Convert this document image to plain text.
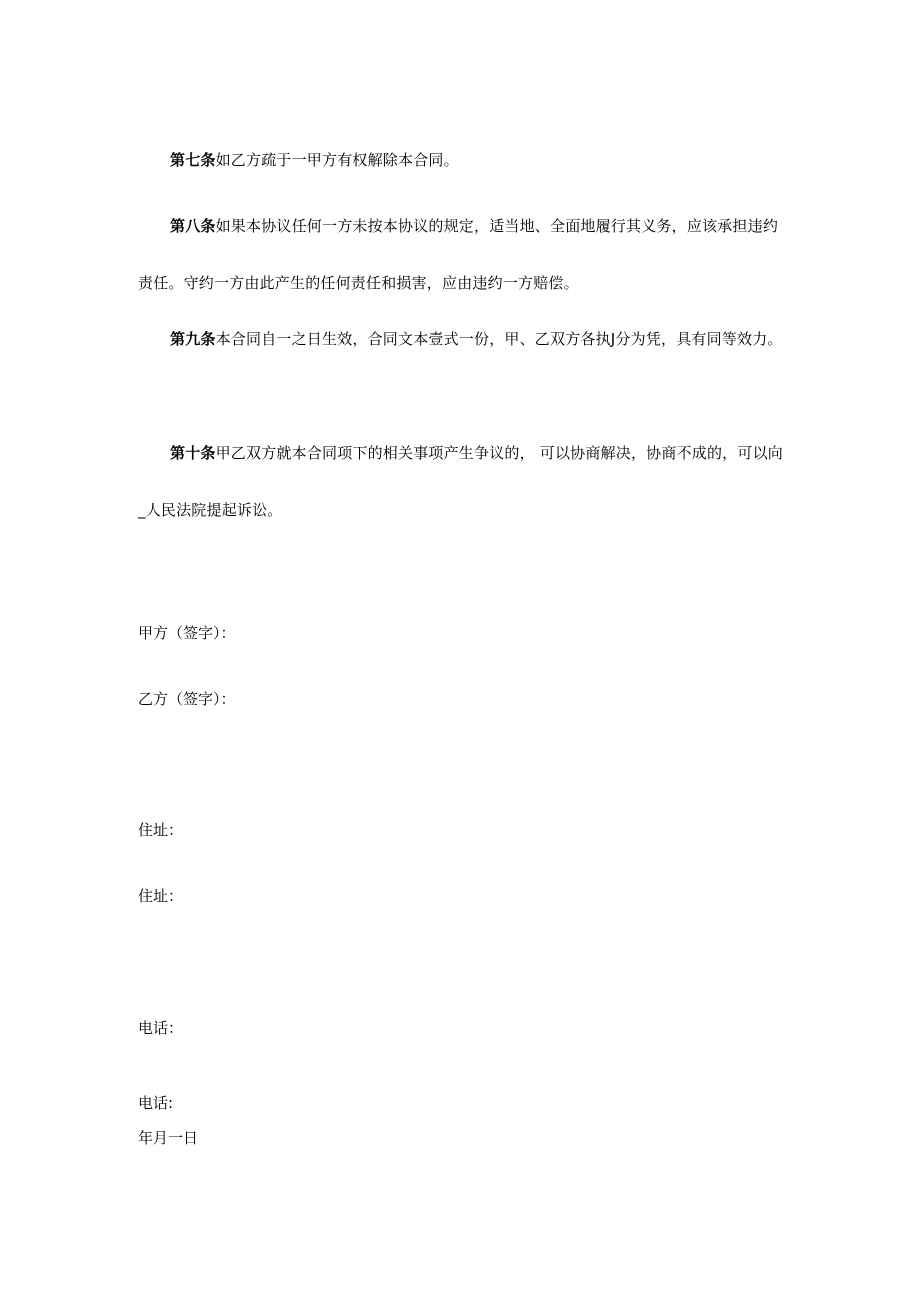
第七条如乙方疏于一甲方有权解除本合同。

第八条如果本协议任何一方未按本协议的规定，适当地、全面地履行其义务，应该承担违约责任。守约一方由此产生的任何责任和损害，应由违约一方赔偿。

第九条本合同自一之日生效，合同文本壹式一份，甲、乙双方各执J分为凭，具有同等效力。

第十条甲乙双方就本合同项下的相关事项产生争议的， 可以协商解决，协商不成的，可以向_人民法院提起诉讼。

甲方（签字）：

乙方（签字）：

住址：

住址：

电话：

电话:

年月一日
